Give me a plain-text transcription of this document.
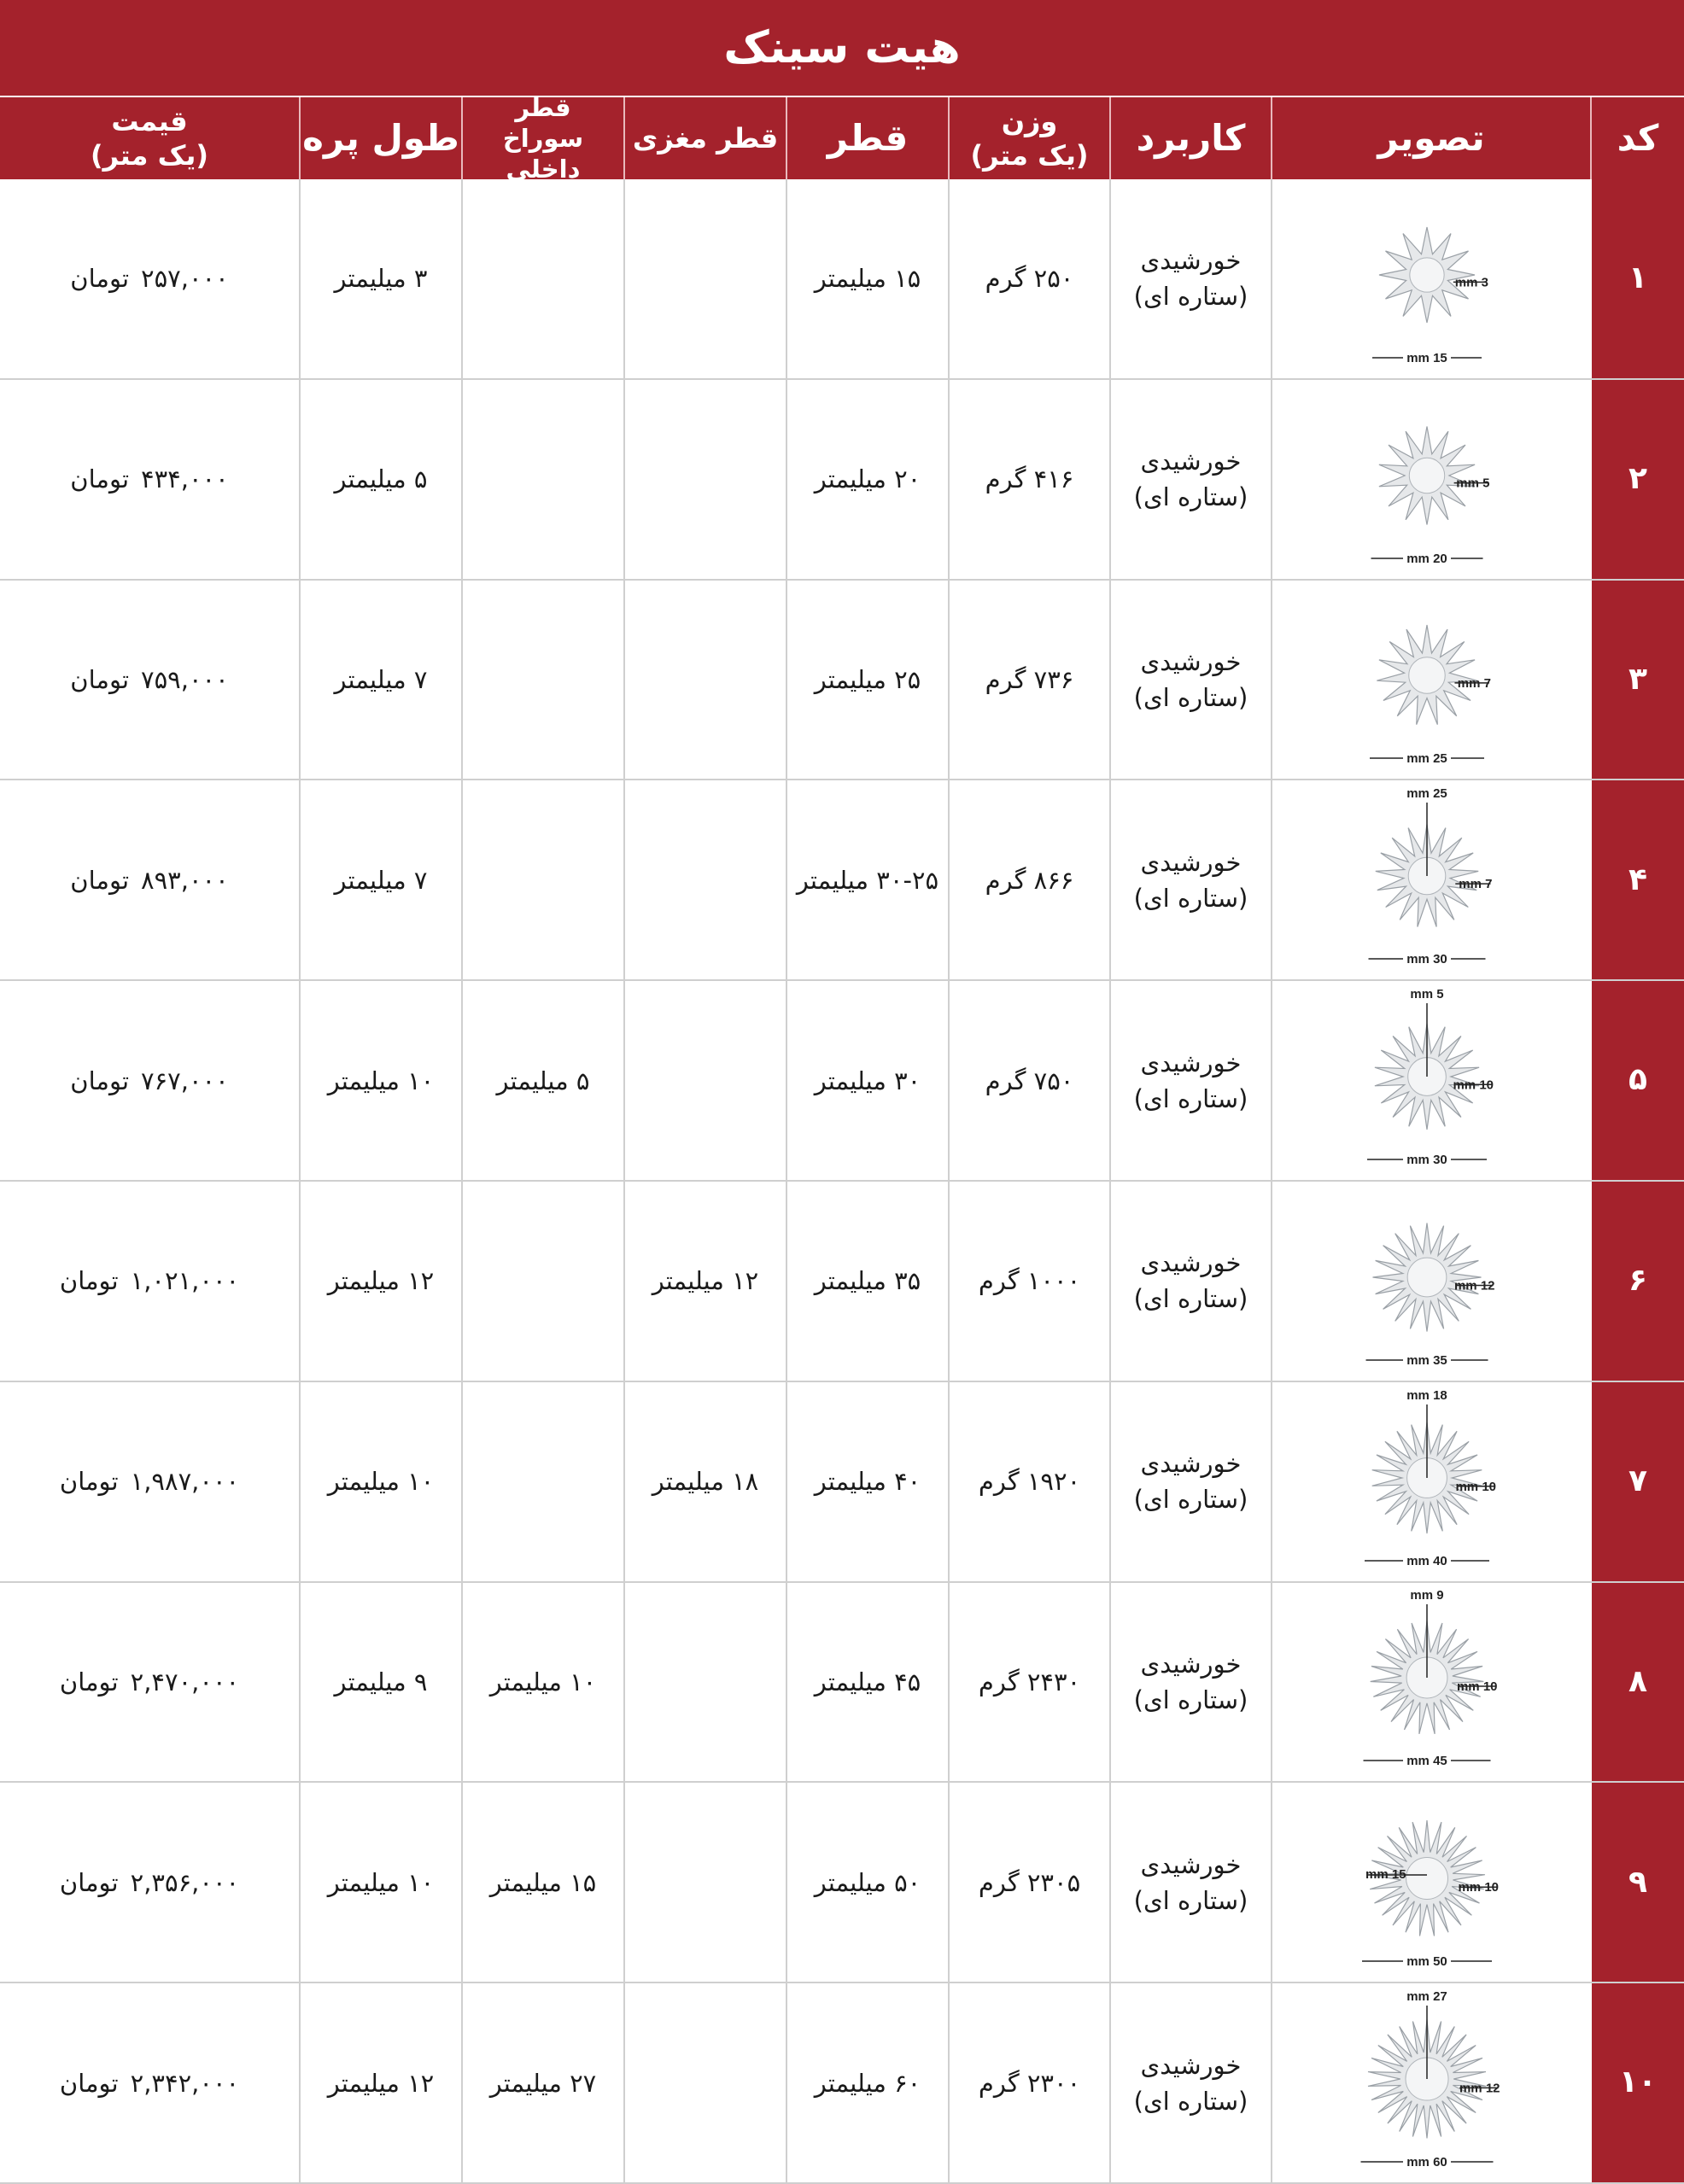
هیت سینک
کد
تصویر
کاربرد
وزن
(یک متر)
قطر
قطر مغزی
قطر
سوراخ داخلی
طول پره
قیمت
(یک متر)
۱
15 mm
3 mm
خورشیدی
(ستاره ای)
۲۵۰ گرم
۱۵ میلیمتر
۳ میلیمتر
۲۵۷,۰۰۰
تومان
۲
20 mm
5 mm
خورشیدی
(ستاره ای)
۴۱۶ گرم
۲۰ میلیمتر
۵ میلیمتر
۴۳۴,۰۰۰
تومان
۳
25 mm
7 mm
خورشیدی
(ستاره ای)
۷۳۶ گرم
۲۵ میلیمتر
۷ میلیمتر
۷۵۹,۰۰۰
تومان
۴
30 mm
7 mm
25 mm
خورشیدی
(ستاره ای)
۸۶۶ گرم
۳۰-۲۵ میلیمتر
۷ میلیمتر
۸۹۳,۰۰۰
تومان
۵
30 mm
10 mm
5 mm
خورشیدی
(ستاره ای)
۷۵۰ گرم
۳۰ میلیمتر
۵ میلیمتر
۱۰ میلیمتر
۷۶۷,۰۰۰
تومان
۶
35 mm
12 mm
خورشیدی
(ستاره ای)
۱۰۰۰ گرم
۳۵ میلیمتر
۱۲ میلیمتر
۱۲ میلیمتر
۱,۰۲۱,۰۰۰
تومان
۷
40 mm
10 mm
18 mm
خورشیدی
(ستاره ای)
۱۹۲۰ گرم
۴۰ میلیمتر
۱۸ میلیمتر
۱۰ میلیمتر
۱,۹۸۷,۰۰۰
تومان
۸
45 mm
10 mm
9 mm
خورشیدی
(ستاره ای)
۲۴۳۰ گرم
۴۵ میلیمتر
۱۰ میلیمتر
۹ میلیمتر
۲,۴۷۰,۰۰۰
تومان
۹
50 mm
10 mm
15 mm
خورشیدی
(ستاره ای)
۲۳۰۵ گرم
۵۰ میلیمتر
۱۵ میلیمتر
۱۰ میلیمتر
۲,۳۵۶,۰۰۰
تومان
۱۰
60 mm
12 mm
27 mm
خورشیدی
(ستاره ای)
۲۳۰۰ گرم
۶۰ میلیمتر
۲۷ میلیمتر
۱۲ میلیمتر
۲,۳۴۲,۰۰۰
تومان
